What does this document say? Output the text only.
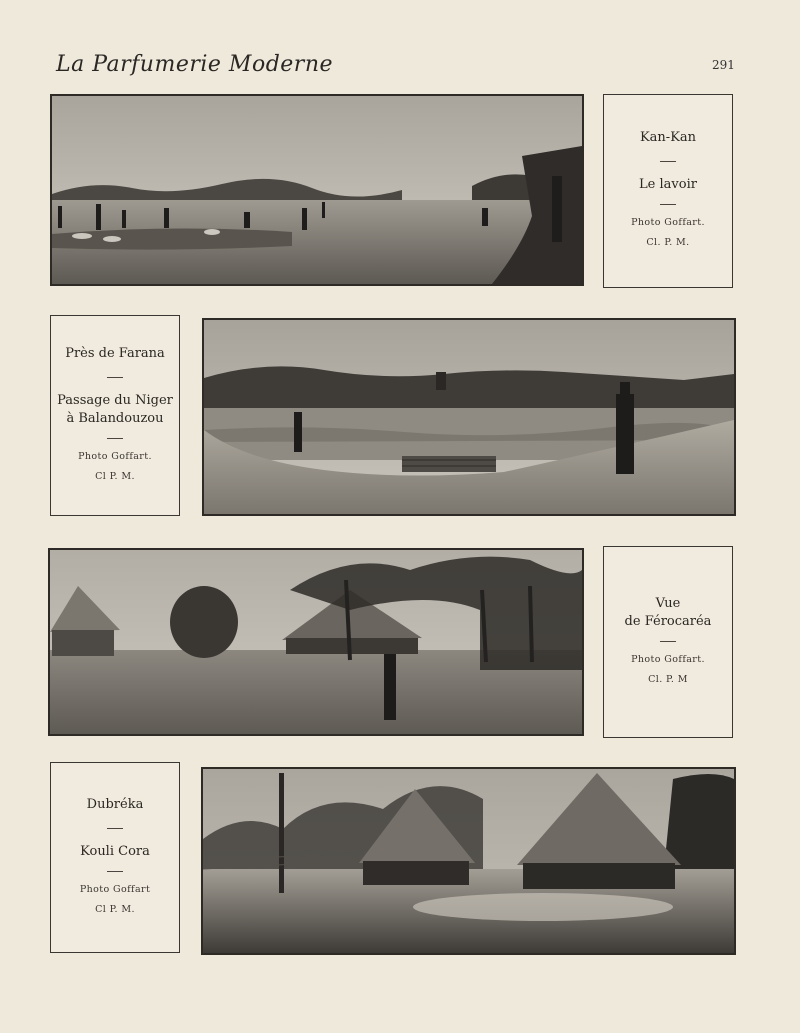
La Parfumerie Moderne	291
Kan-Kan
Le lavoir
Photo Goffart.
Cl. P. M.
Près de Farana
Passage du Niger
à Balandouzou
Photo Goffart.
Cl P. M.
Vue
de Férocaréa
Photo Goffart.
Cl. P. M
Dubréka
Kouli Cora
Photo Goffart
Cl P. M.
